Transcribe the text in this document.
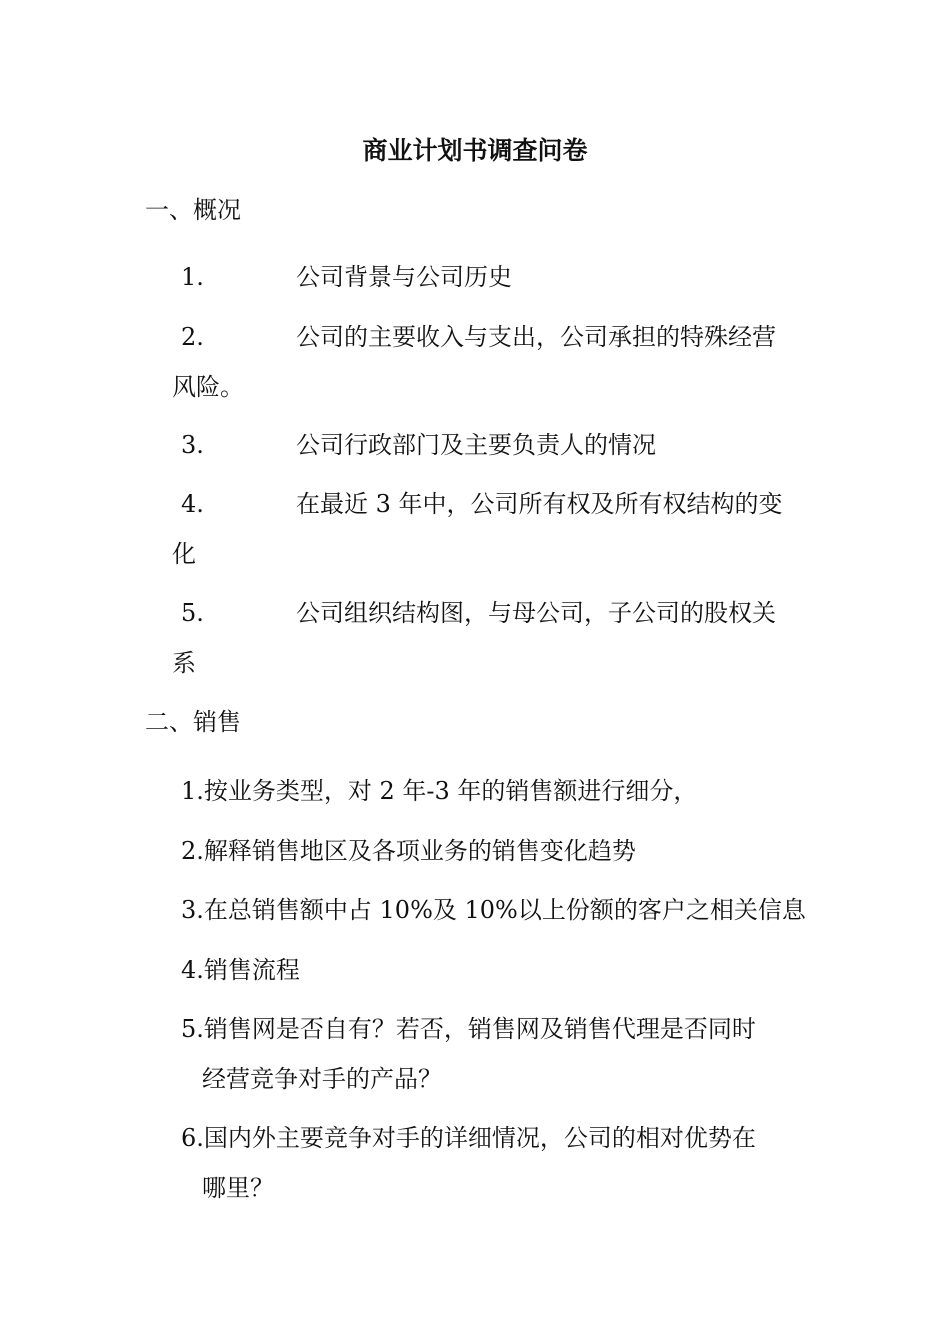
商业计划书调查问卷
一、概况
1.	公司背景与公司历史
2.	公司的主要收入与支出，公司承担的特殊经营
风险。
3.	公司行政部门及主要负责人的情况
4.	在最近 3 年中，公司所有权及所有权结构的变
化
5.	公司组织结构图，与母公司，子公司的股权关
系
二、销售
1.按业务类型，对 2 年-3 年的销售额进行细分，
2.解释销售地区及各项业务的销售变化趋势
3.在总销售额中占 10%及 10%以上份额的客户之相关信息
4.销售流程
5.销售网是否自有？若否，销售网及销售代理是否同时
经营竞争对手的产品？
6.国内外主要竞争对手的详细情况，公司的相对优势在
哪里？
